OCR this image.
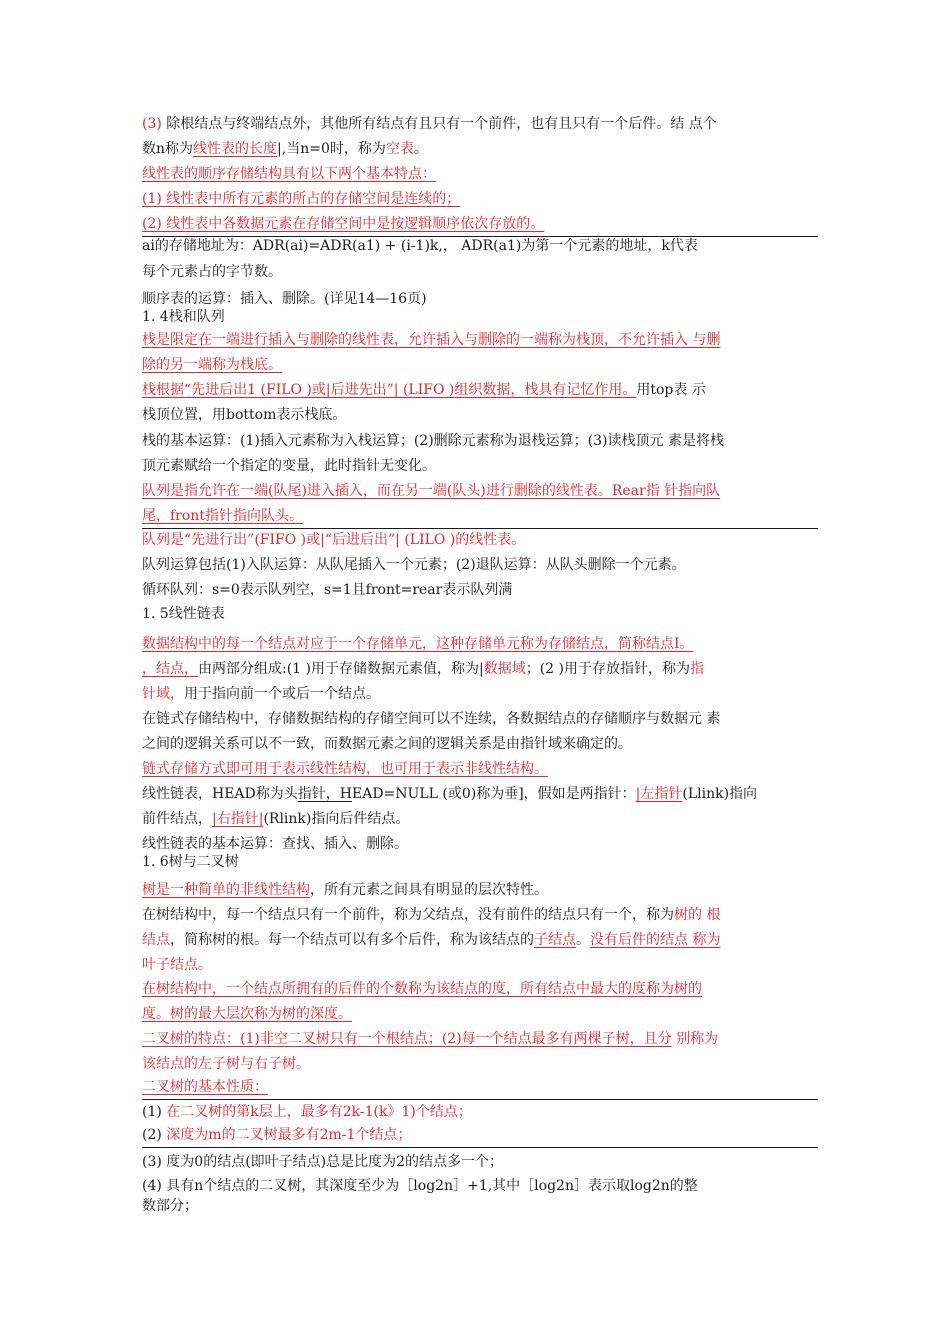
(3) 除根结点与终端结点外，其他所有结点有且只有一个前件，也有且只有一个后件。结 点个
数n称为线性表的长度|,当n=0时，称为空表。
线性表的顺序存储结构具有以下两个基本特点：
(1) 线性表中所有元素的所占的存储空间是连续的；
(2) 线性表中各数据元素在存储空间中是按逻辑顺序依次存放的。
ai的存储地址为：ADR(ai)=ADR(a1) + (i-1)k,， ADR(a1)为第一个元素的地址，k代表
每个元素占的字节数。
顺序表的运算：插入、删除。(详见14—16页)
1. 4栈和队列
栈是限定在一端进行插入与删除的线性表，允许插入与删除的一端称为栈顶，不允许插入 与删
除的另一端称为栈底。
栈根据“先进后出1 (FILO )或|后进先出”| (LIFO )组织数据，栈具有记忆作用。用top表 示
栈顶位置，用bottom表示栈底。
栈的基本运算：(1)插入元素称为入栈运算；(2)删除元素称为退栈运算；(3)读栈顶元 素是将栈
顶元素赋给一个指定的变量，此时指针无变化。
队列是指允许在一端(队尾)进入插入，而在另一端(队头)进行删除的线性表。Rear指 针指向队
尾，front指针指向队头。
队列是“先进行出”(FIFO )或|“后进后出”| (LILO )的线性表。
队列运算包括(1)入队运算：从队尾插入一个元素；(2)退队运算：从队头删除一个元素。
循环队列：s=0表示队列空，s=1且front=rear表示队列满
1. 5线性链表
数据结构中的每一个结点对应于一个存储单元，这种存储单元称为存储结点，简称结点I。
，结点，由两部分组成:(1 )用于存储数据元素值，称为|数据域；(2 )用于存放指针，称为指
针域，用于指向前一个或后一个结点。
在链式存储结构中，存储数据结构的存储空间可以不连续，各数据结点的存储顺序与数据元 素
之间的逻辑关系可以不一致，而数据元素之间的逻辑关系是由指针域来确定的。
链式存储方式即可用于表示线性结构，也可用于表示非线性结构。
线性链表，HEAD称为头指针，HEAD=NULL (或0)称为垂]，假如是两指针：|左指针(Llink)指向
前件结点，|右指针|(Rlink)指向后件结点。
线性链表的基本运算：查找、插入、删除。
1. 6树与二叉树
树是一种简单的非线性结构，所有元素之间具有明显的层次特性。
在树结构中，每一个结点只有一个前件，称为父结点，没有前件的结点只有一个，称为树的 根
结点，简称树的根。每一个结点可以有多个后件，称为该结点的子结点。没有后件的结点 称为
叶子结点。
在树结构中，一个结点所拥有的后件的个数称为该结点的度，所有结点中最大的度称为树的
度。树的最大层次称为树的深度。
二叉树的特点：(1)非空二叉树只有一个根结点；(2)每一个结点最多有两棵子树，且分 别称为
该结点的左子树与右子树。
二叉树的基本性质：
(1) 在二叉树的第k层上，最多有2k-1(k》1)个结点；
(2) 深度为m的二叉树最多有2m-1个结点；
(3) 度为0的结点(即叶子结点)总是比度为2的结点多一个；
(4) 具有n个结点的二叉树，其深度至少为［log2n］+1,其中［log2n］表示取log2n的整
数部分；
